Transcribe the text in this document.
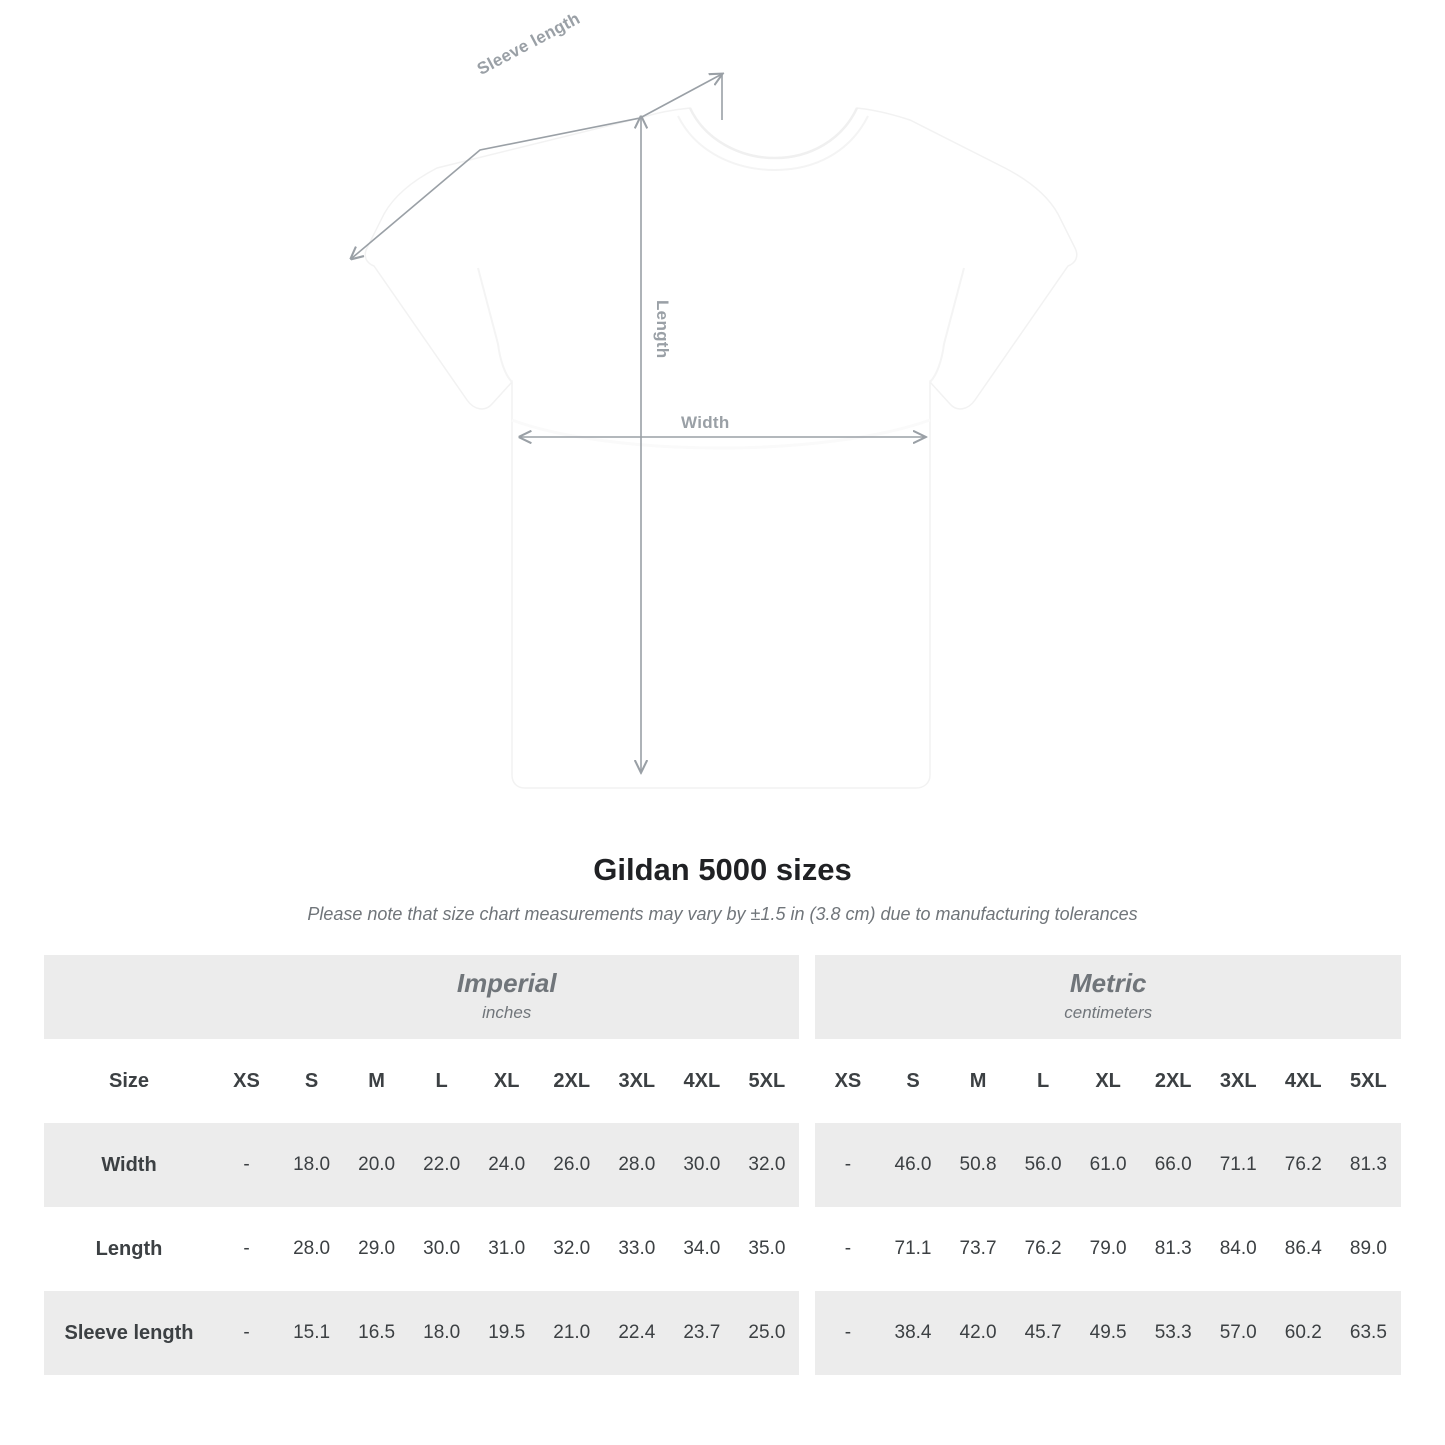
Sleeve length
Length
Width
Gildan 5000 sizes

Please note that size chart measurements may vary by ±1.5 in (3.8 cm) due to manufacturing tolerances

Imperial
inches

Metric
centimeters

Size	XS	S	M	L	XL	2XL	3XL	4XL	5XL		XS	S	M	L	XL	2XL	3XL	4XL	5XL
Width	-	18.0	20.0	22.0	24.0	26.0	28.0	30.0	32.0		-	46.0	50.8	56.0	61.0	66.0	71.1	76.2	81.3
Length	-	28.0	29.0	30.0	31.0	32.0	33.0	34.0	35.0		-	71.1	73.7	76.2	79.0	81.3	84.0	86.4	89.0
Sleeve length	-	15.1	16.5	18.0	19.5	21.0	22.4	23.7	25.0		-	38.4	42.0	45.7	49.5	53.3	57.0	60.2	63.5
